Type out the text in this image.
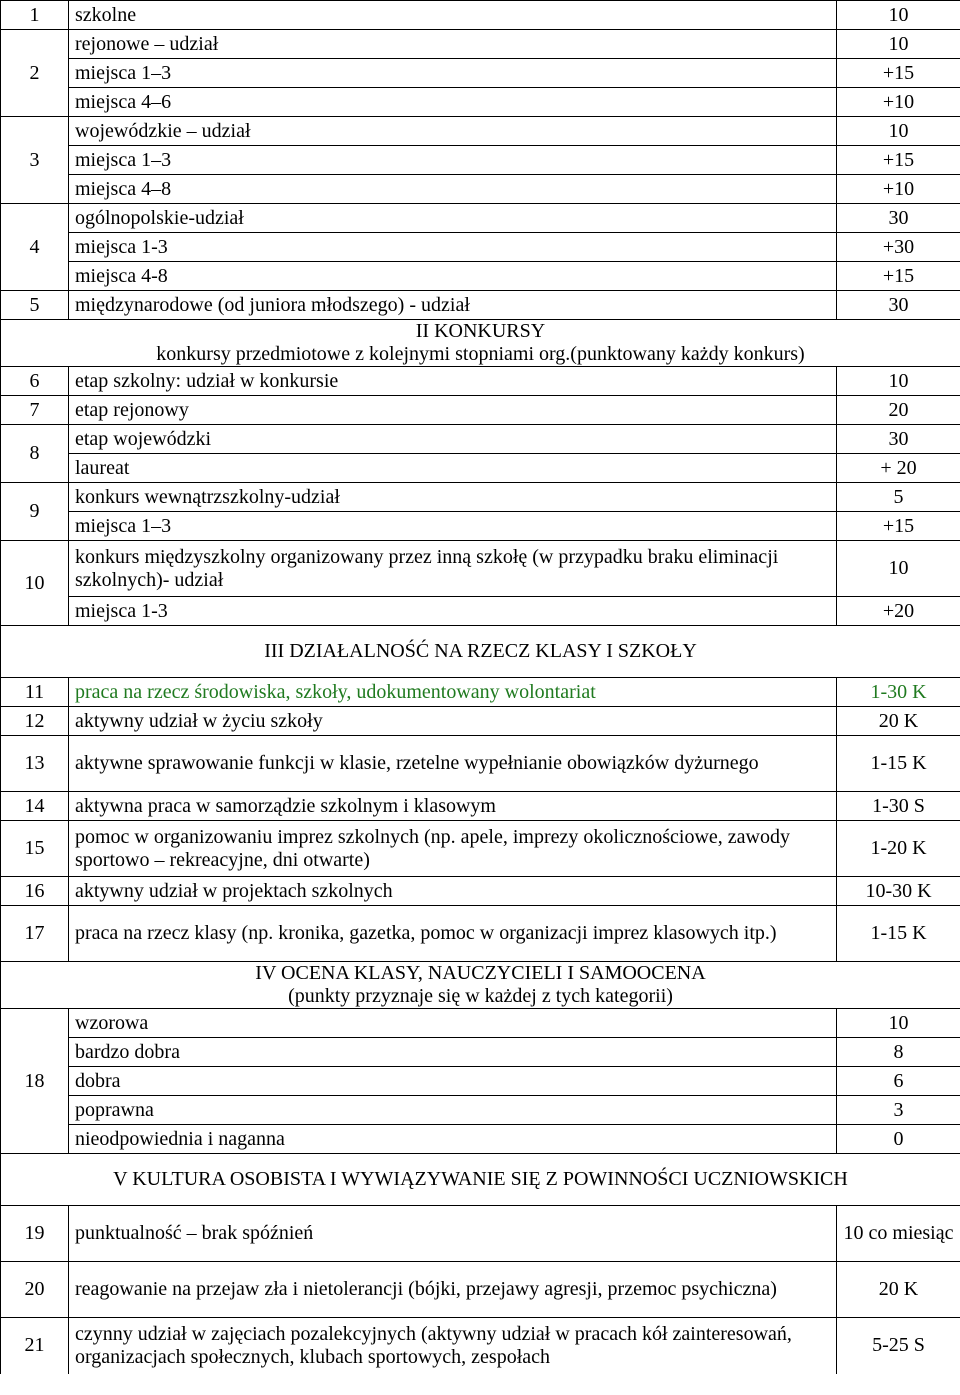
1	szkolne	10
2	rejonowe – udział	10
	miejsca 1–3	+15
	miejsca 4–6	+10
3	wojewódzkie – udział	10
	miejsca 1–3	+15
	miejsca 4–8	+10
4	ogólnopolskie-udział	30
	miejsca 1-3	+30
	miejsca 4-8	+15
5	międzynarodowe (od juniora młodszego) - udział	30

II KONKURSY
konkursy przedmiotowe z kolejnymi stopniami org.(punktowany każdy konkurs)		

6	etap szkolny: udział w konkursie	10
7	etap rejonowy	20
8	etap wojewódzki	30
	laureat	+ 20
9	konkurs wewnątrzszkolny-udział	5
	miejsca 1–3	+15
10	konkurs międzyszkolny organizowany przez inną szkołę (w przypadku braku eliminacji szkolnych)- udział	10
	miejsca 1-3	+20

III DZIAŁALNOŚĆ NA RZECZ KLASY I SZKOŁY		

11	praca na rzecz środowiska, szkoły, udokumentowany wolontariat	1-30 K
12	aktywny udział w życiu szkoły	20 K
13	aktywne sprawowanie funkcji w klasie, rzetelne wypełnianie obowiązków dyżurnego	1-15 K
14	aktywna praca w samorządzie szkolnym i klasowym	1-30 S
15	pomoc w organizowaniu imprez szkolnych (np. apele, imprezy okolicznościowe, zawody sportowo – rekreacyjne, dni otwarte)	1-20 K
16	aktywny udział w projektach szkolnych	10-30 K
17	praca na rzecz klasy (np. kronika, gazetka, pomoc w organizacji imprez klasowych itp.)	1-15 K

IV OCENA KLASY, NAUCZYCIELI I SAMOOCENA
(punkty przyznaje się w każdej z tych kategorii)		

18	wzorowa	10
	bardzo dobra	8
	dobra	6
	poprawna	3
	nieodpowiednia i naganna	0

V KULTURA OSOBISTA I WYWIĄZYWANIE SIĘ Z POWINNOŚCI UCZNIOWSKICH		

19	punktualność – brak spóźnień	10 co miesiąc
20	reagowanie na przejaw zła i nietolerancji (bójki, przejawy agresji, przemoc psychiczna)	20 K
21	czynny udział w zajęciach pozalekcyjnych (aktywny udział w pracach kół zainteresowań, organizacjach społecznych, klubach sportowych, zespołach	5-25 S
